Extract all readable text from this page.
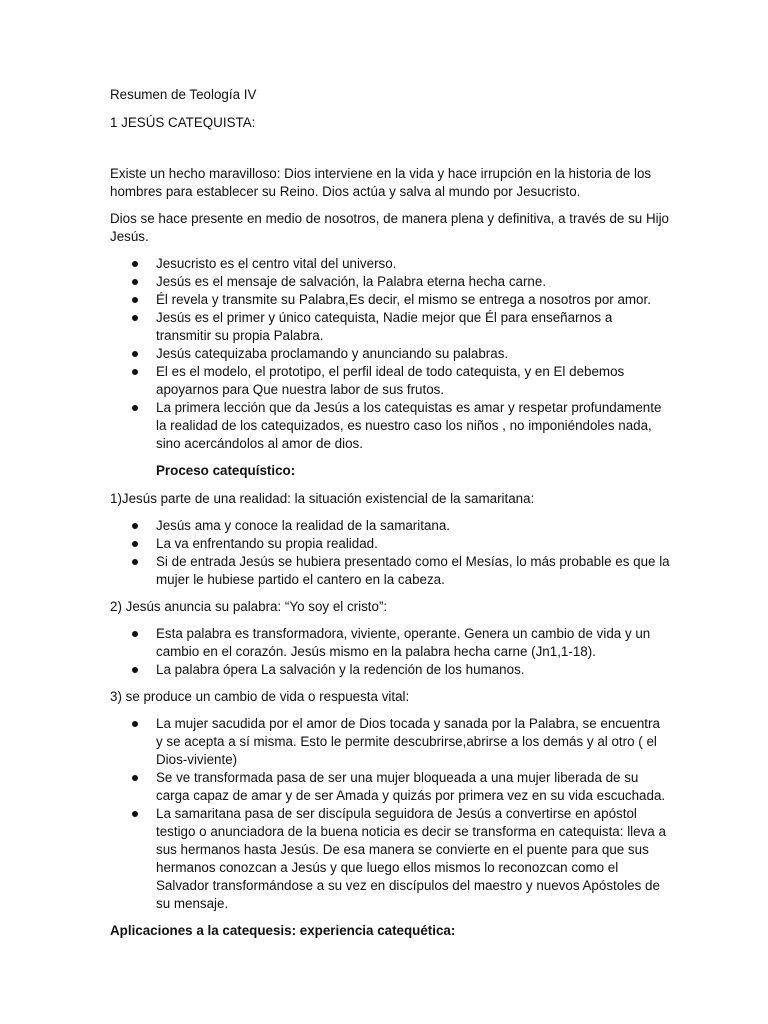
Resumen de Teología IV

1 JESÚS CATEQUISTA:

Existe un hecho maravilloso: Dios interviene en la vida y hace irrupción en la historia de los hombres para establecer su Reino. Dios actúa y salva al mundo por Jesucristo.

Dios se hace presente en medio de nosotros, de manera plena y definitiva, a través de su Hijo Jesús.

Jesucristo es el centro vital del universo.
Jesús es el mensaje de salvación, la Palabra eterna hecha carne.
Él revela y transmite su Palabra,Es decir, el mismo se entrega a nosotros por amor.
Jesús es el primer y único catequista, Nadie mejor que Él para enseñarnos a transmitir su propia Palabra.
Jesús catequizaba proclamando y anunciando su palabras.
El es el modelo, el prototipo, el perfil ideal de todo catequista, y en El debemos apoyarnos para Que nuestra labor de sus frutos.
La primera lección que da Jesús a los catequistas es amar y respetar profundamente la realidad de los catequizados, es nuestro caso los niños , no imponiéndoles nada, sino acercándolos al amor de dios.

Proceso catequístico:

1)Jesús parte de una realidad: la situación existencial de la samaritana:

Jesús ama y conoce la realidad de la samaritana.
La va enfrentando su propia realidad.
Si de entrada Jesús se hubiera presentado como el Mesías, lo más probable es que la mujer le hubiese partido el cantero en la cabeza.

2) Jesús anuncia su palabra: “Yo soy el cristo”:

Esta palabra es transformadora, viviente, operante. Genera un cambio de vida y un cambio en el corazón. Jesús mismo en la palabra hecha carne (Jn1,1-18).
La palabra ópera La salvación y la redención de los humanos.

3) se produce un cambio de vida o respuesta vital:

La mujer sacudida por el amor de Dios tocada y sanada por la Palabra, se encuentra y se acepta a sí misma. Esto le permite descubrirse,abrirse a los demás y al otro ( el Dios-viviente)
Se ve transformada pasa de ser una mujer bloqueada a una mujer liberada de su carga capaz de amar y de ser Amada y quizás por primera vez en su vida escuchada.
La samaritana pasa de ser discípula seguidora de Jesús a convertirse en apóstol testigo o anunciadora de la buena noticia es decir se transforma en catequista: lleva a sus hermanos hasta Jesús. De esa manera se convierte en el puente para que sus hermanos conozcan a Jesús y que luego ellos mismos lo reconozcan como el Salvador transformándose a su vez en discípulos del maestro y nuevos Apóstoles de su mensaje.

Aplicaciones a la catequesis: experiencia catequética:
